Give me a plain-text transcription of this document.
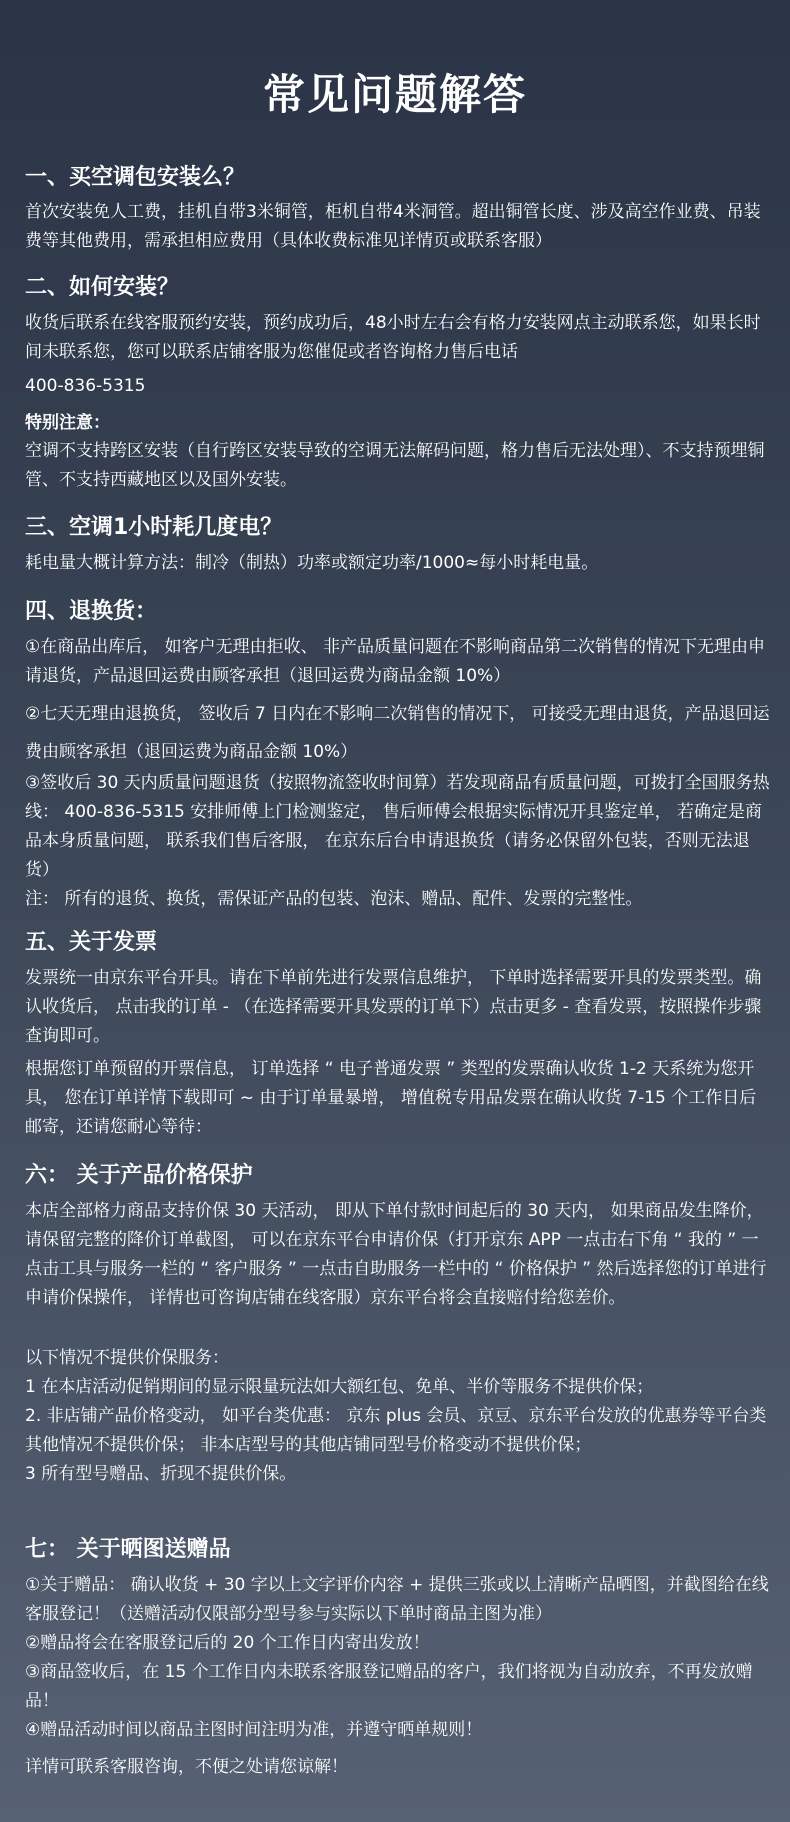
常见问题解答
一、买空调包安装么？

首次安装免人工费，挂机自带3米铜管，柜机自带4米洞管。超出铜管长度、涉及高空作业费、吊装费等其他费用，需承担相应费用（具体收费标准见详情页或联系客服）

二、如何安装？

收货后联系在线客服预约安装，预约成功后，48小时左右会有格力安装网点主动联系您，如果长时间未联系您，您可以联系店铺客服为您催促或者咨询格力售后电话

400-836-5315

特别注意：

空调不支持跨区安装（自行跨区安装导致的空调无法解码问题，格力售后无法处理）、不支持预埋铜管、不支持西藏地区以及国外安装。

三、空调1小时耗几度电？

耗电量大概计算方法：制冷（制热）功率或额定功率/1000≈每小时耗电量。

四、退换货：

①在商品出库后， 如客户无理由拒收、 非产品质量问题在不影响商品第二次销售的情况下无理由申请退货，产品退回运费由顾客承担（退回运费为商品金额 10%）

②七天无理由退换货， 签收后 7 日内在不影响二次销售的情况下， 可接受无理由退货，产品退回运费由顾客承担（退回运费为商品金额 10%）

③签收后 30 天内质量问题退货（按照物流签收时间算）若发现商品有质量问题，可拨打全国服务热线： 400-836-5315 安排师傅上门检测鉴定， 售后师傅会根据实际情况开具鉴定单， 若确定是商品本身质量问题， 联系我们售后客服， 在京东后台申请退换货（请务必保留外包装，否则无法退货）

注： 所有的退货、换货，需保证产品的包装、泡沫、赠品、配件、发票的完整性。

五、关于发票

发票统一由京东平台开具。请在下单前先进行发票信息维护， 下单时选择需要开具的发票类型。确认收货后， 点击我的订单 - （在选择需要开具发票的订单下）点击更多 - 查看发票，按照操作步骤查询即可。

根据您订单预留的开票信息， 订单选择 “ 电子普通发票 ” 类型的发票确认收货 1-2 天系统为您开具， 您在订单详情下载即可 ~ 由于订单量暴增， 增值税专用品发票在确认收货 7-15 个工作日后邮寄，还请您耐心等待：

六： 关于产品价格保护

本店全部格力商品支持价保 30 天活动， 即从下单付款时间起后的 30 天内， 如果商品发生降价， 请保留完整的降价订单截图， 可以在京东平台申请价保（打开京东 APP 一点击右下角 “ 我的 ” 一点击工具与服务一栏的 “ 客户服务 ” 一点击自助服务一栏中的 “ 价格保护 ” 然后选择您的订单进行申请价保操作， 详情也可咨询店铺在线客服）京东平台将会直接赔付给您差价。

以下情况不提供价保服务：

1 在本店活动促销期间的显示限量玩法如大额红包、免单、半价等服务不提供价保；

2. 非店铺产品价格变动， 如平台类优惠： 京东 plus 会员、京豆、京东平台发放的优惠券等平台类其他情况不提供价保； 非本店型号的其他店铺同型号价格变动不提供价保；

3 所有型号赠品、折现不提供价保。

七： 关于晒图送赠品

①关于赠品： 确认收货 + 30 字以上文字评价内容 + 提供三张或以上清晰产品晒图，并截图给在线客服登记！（送赠活动仅限部分型号参与实际以下单时商品主图为准）

②赠品将会在客服登记后的 20 个工作日内寄出发放！

③商品签收后，在 15 个工作日内未联系客服登记赠品的客户，我们将视为自动放弃，不再发放赠品！

④赠品活动时间以商品主图时间注明为准，并遵守晒单规则！

详情可联系客服咨询，不便之处请您谅解！
